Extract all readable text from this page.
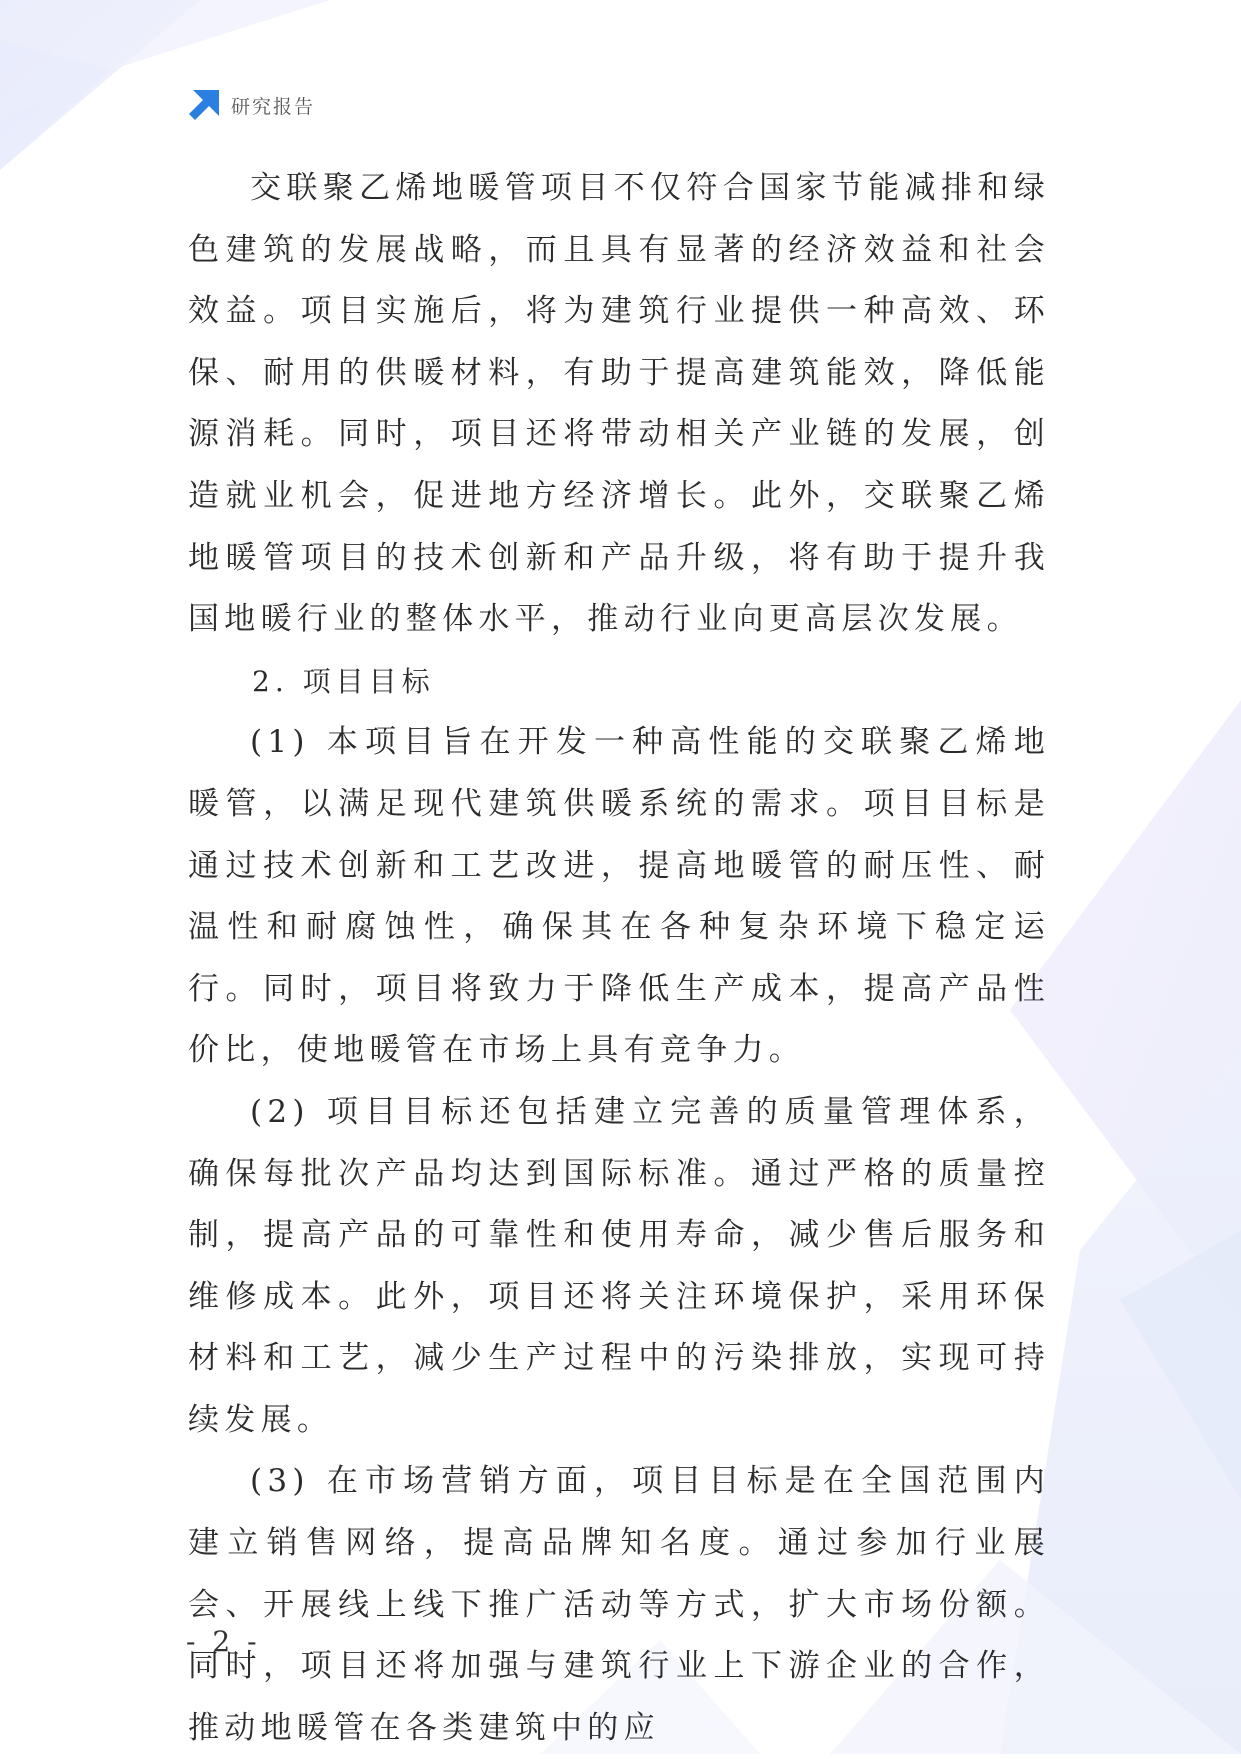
研究报告

交联聚乙烯地暖管项目不仅符合国家节能减排和绿色建筑的发展战略，而且具有显著的经济效益和社会效益。项目实施后，将为建筑行业提供一种高效、环保、耐用的供暖材料，有助于提高建筑能效，降低能源消耗。同时，项目还将带动相关产业链的发展，创造就业机会，促进地方经济增长。此外，交联聚乙烯地暖管项目的技术创新和产品升级，将有助于提升我国地暖行业的整体水平，推动行业向更高层次发展。

2. 项目目标

(1) 本项目旨在开发一种高性能的交联聚乙烯地暖管，以满足现代建筑供暖系统的需求。项目目标是通过技术创新和工艺改进，提高地暖管的耐压性、耐温性和耐腐蚀性，确保其在各种复杂环境下稳定运行。同时，项目将致力于降低生产成本，提高产品性价比，使地暖管在市场上具有竞争力。

(2) 项目目标还包括建立完善的质量管理体系，确保每批次产品均达到国际标准。通过严格的质量控制，提高产品的可靠性和使用寿命，减少售后服务和维修成本。此外，项目还将关注环境保护，采用环保材料和工艺，减少生产过程中的污染排放，实现可持续发展。

(3) 在市场营销方面，项目目标是在全国范围内建立销售网络，提高品牌知名度。通过参加行业展会、开展线上线下推广活动等方式，扩大市场份额。同时，项目还将加强与建筑行业上下游企业的合作，推动地暖管在各类建筑中的应

- 2 -
